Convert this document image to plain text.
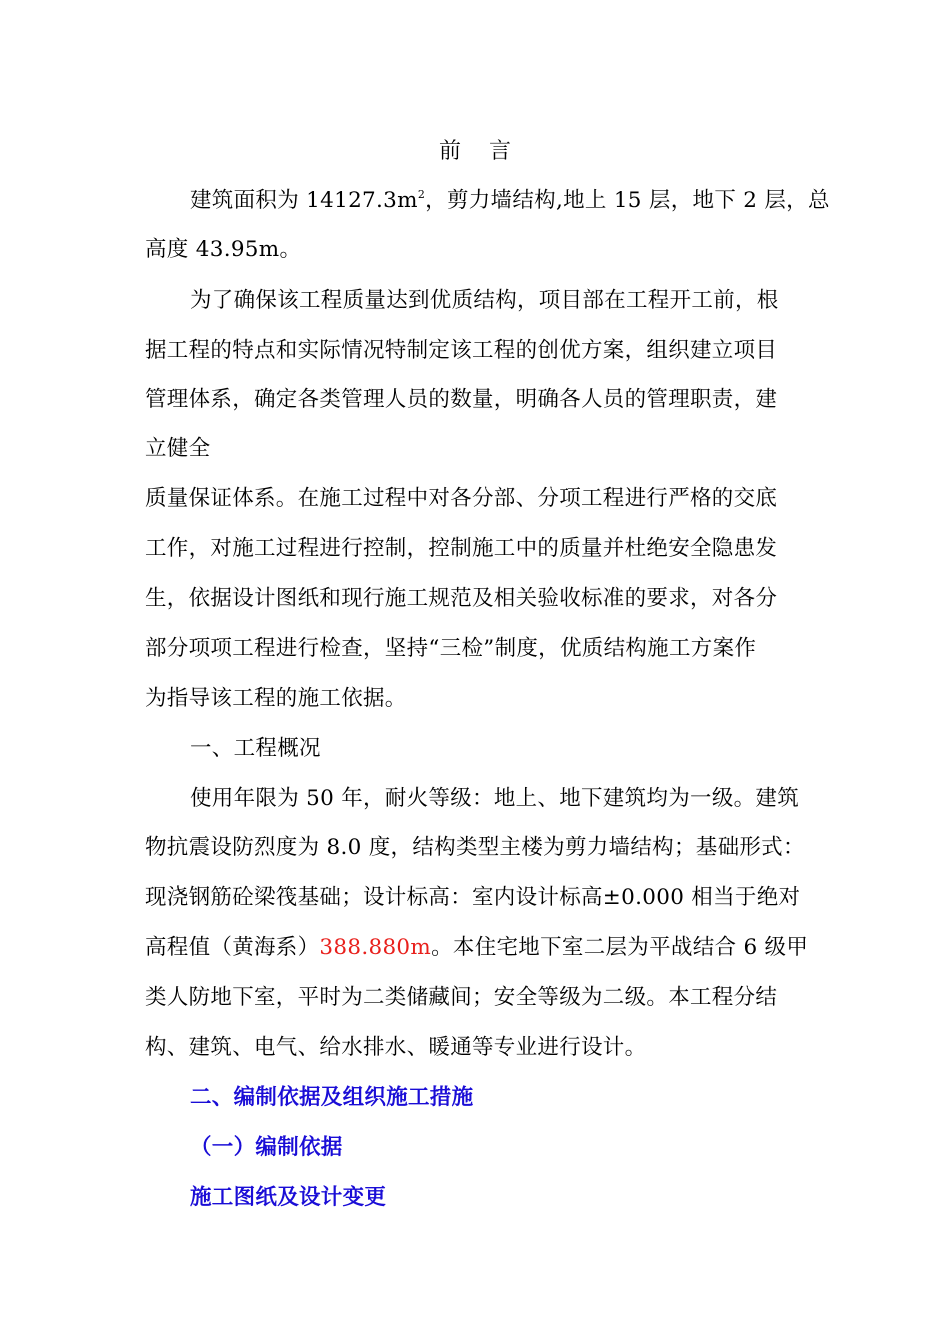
前言
建筑面积为 $14127.3m^2$，剪力墙结构,地上 15 层，地下 2 层，总
高度 43.95m。
为了确保该工程质量达到优质结构，项目部在工程开工前，根
据工程的特点和实际情况特制定该工程的创优方案，组织建立项目
管理体系，确定各类管理人员的数量，明确各人员的管理职责，建
立健全
质量保证体系。在施工过程中对各分部、分项工程进行严格的交底
工作，对施工过程进行控制，控制施工中的质量并杜绝安全隐患发
生，依据设计图纸和现行施工规范及相关验收标准的要求，对各分
部分项项工程进行检查，坚持“三检”制度，优质结构施工方案作
为指导该工程的施工依据。
一、工程概况
使用年限为 50 年，耐火等级：地上、地下建筑均为一级。建筑
物抗震设防烈度为 8.0 度，结构类型主楼为剪力墙结构；基础形式：
现浇钢筋砼梁筏基础；设计标高：室内设计标高±0.000 相当于绝对
高程值（黄海系）388.880m。本住宅地下室二层为平战结合 6 级甲
类人防地下室，平时为二类储藏间；安全等级为二级。本工程分结
构、建筑、电气、给水排水、暖通等专业进行设计。
二、编制依据及组织施工措施
（一）编制依据
施工图纸及设计变更
